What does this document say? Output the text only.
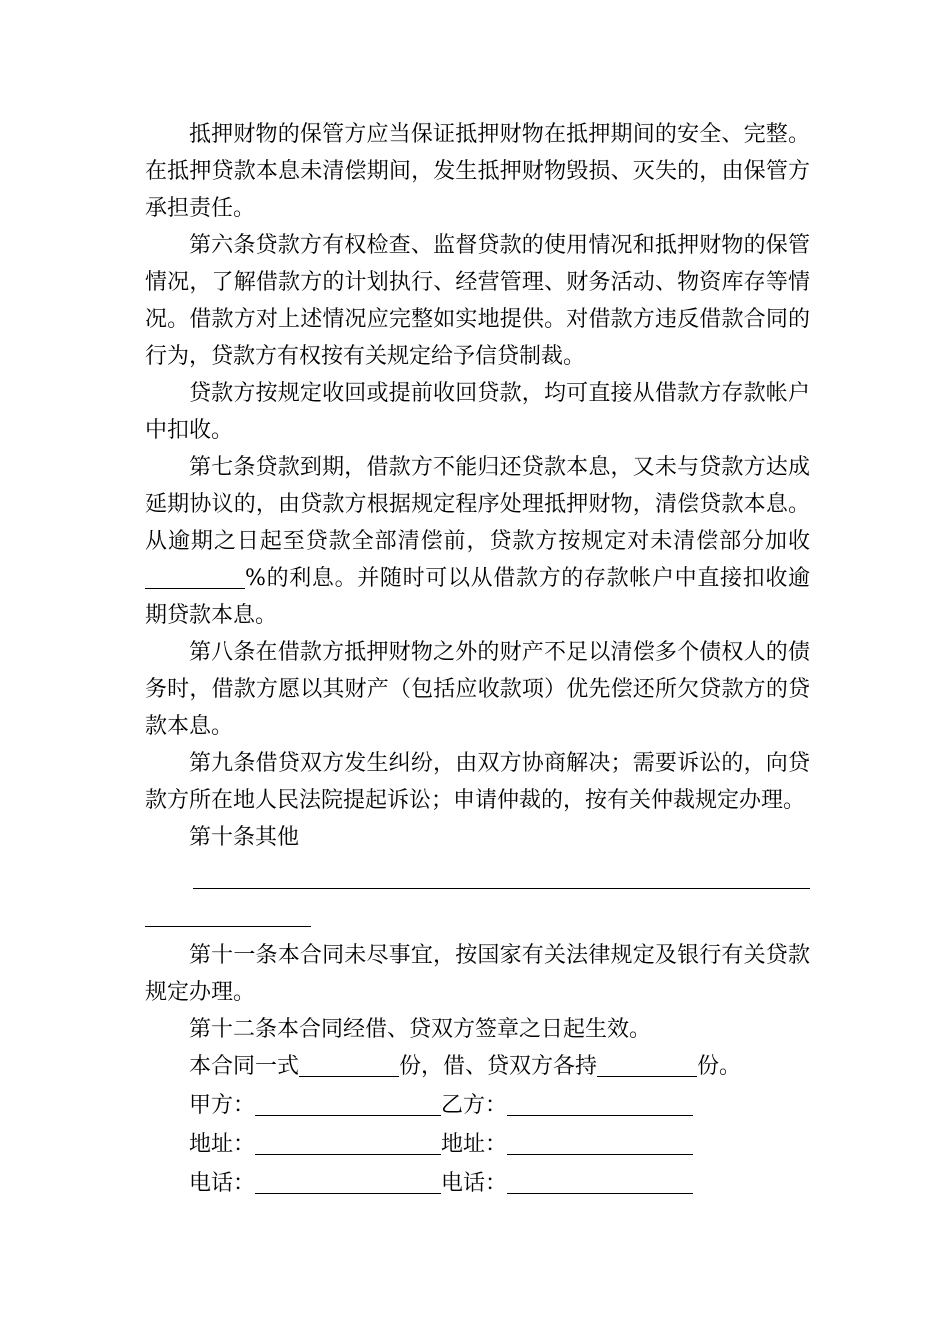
抵押财物的保管方应当保证抵押财物在抵押期间的安全、完整。在抵押贷款本息未清偿期间，发生抵押财物毁损、灭失的，由保管方承担责任。

第六条贷款方有权检查、监督贷款的使用情况和抵押财物的保管情况，了解借款方的计划执行、经营管理、财务活动、物资库存等情况。借款方对上述情况应完整如实地提供。对借款方违反借款合同的行为，贷款方有权按有关规定给予信贷制裁。

贷款方按规定收回或提前收回贷款，均可直接从借款方存款帐户中扣收。

第七条贷款到期，借款方不能归还贷款本息，又未与贷款方达成延期协议的，由贷款方根据规定程序处理抵押财物，清偿贷款本息。从逾期之日起至贷款全部清偿前，贷款方按规定对未清偿部分加收%的利息。并随时可以从借款方的存款帐户中直接扣收逾期贷款本息。

第八条在借款方抵押财物之外的财产不足以清偿多个债权人的债务时，借款方愿以其财产（包括应收款项）优先偿还所欠贷款方的贷款本息。

第九条借贷双方发生纠纷，由双方协商解决；需要诉讼的，向贷款方所在地人民法院提起诉讼；申请仲裁的，按有关仲裁规定办理。

第十条其他

第十一条本合同未尽事宜，按国家有关法律规定及银行有关贷款规定办理。

第十二条本合同经借、贷双方签章之日起生效。

本合同一式	份，借、贷双方各持	份。

甲方：	乙方：
地址：	地址：
电话：	电话：
